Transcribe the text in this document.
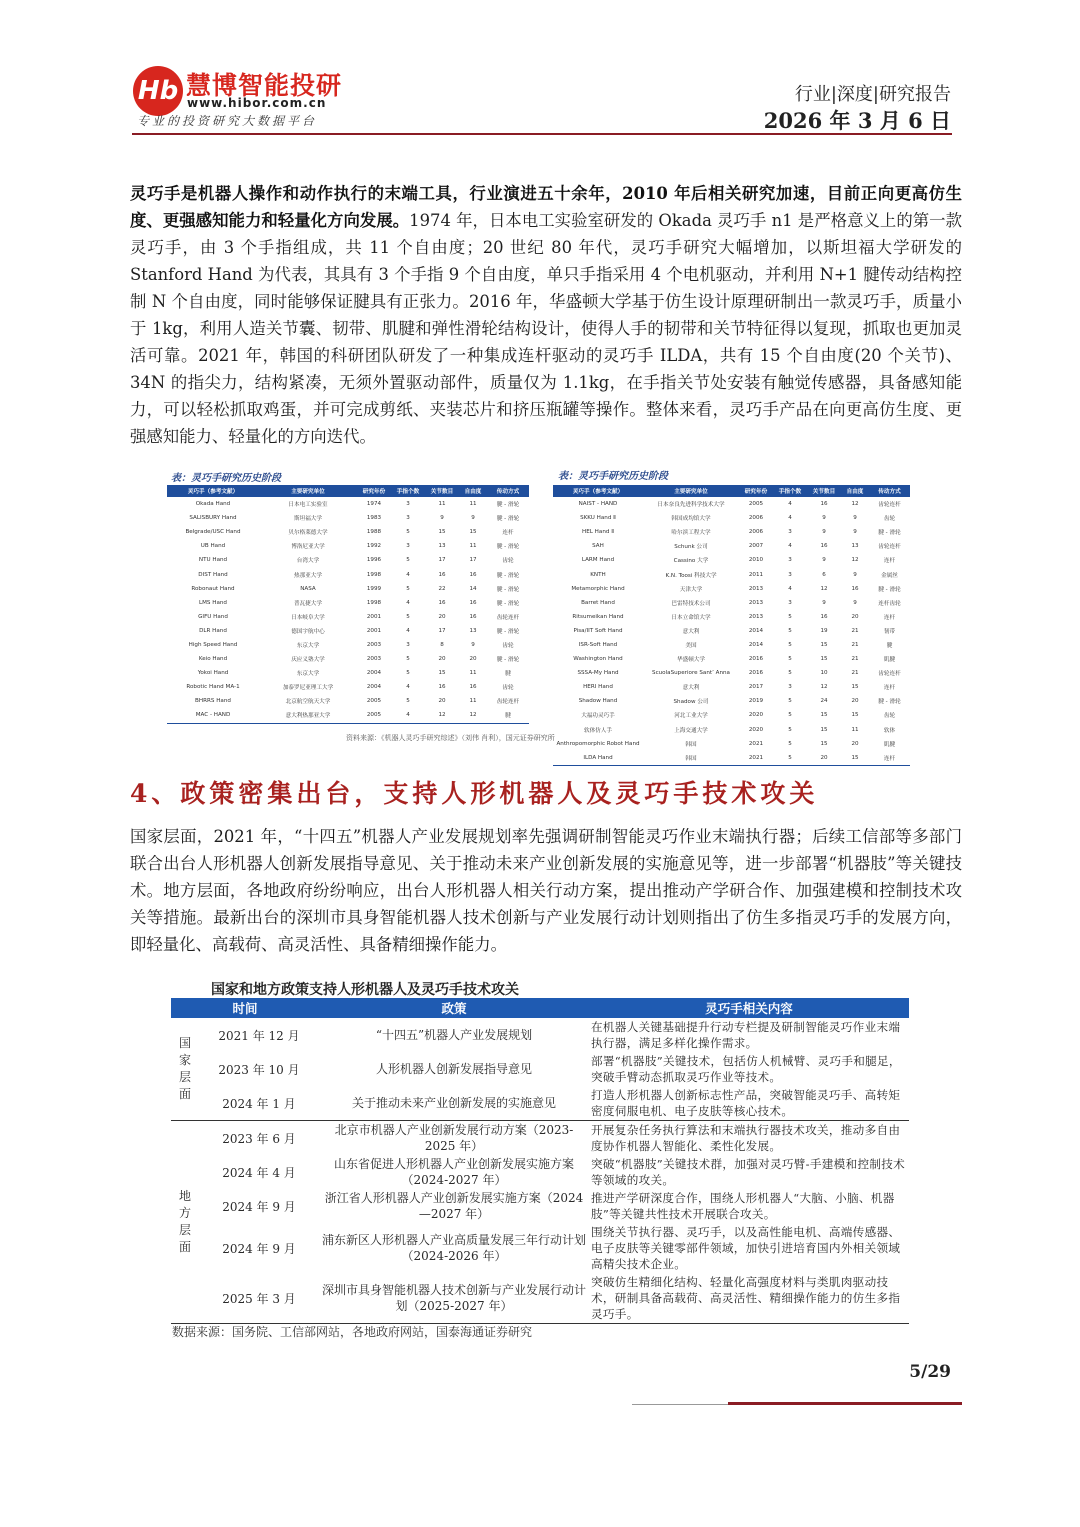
Hb 慧博智能投研
www.hibor.com.cn
专业的投资研究大数据平台
行业|深度|研究报告
2026 年 3 月 6 日
灵巧手是机器人操作和动作执行的末端工具，行业演进五十余年，2010 年后相关研究加速，目前正向更高仿生度、更强感知能力和轻量化方向发展。1974 年，日本电工实验室研发的 Okada 灵巧手 n1 是严格意义上的第一款灵巧手，由 3 个手指组成，共 11 个自由度；20 世纪 80 年代，灵巧手研究大幅增加，以斯坦福大学研发的 Stanford Hand 为代表，其具有 3 个手指 9 个自由度，单只手指采用 4 个电机驱动，并利用 N+1 腱传动结构控制 N 个自由度，同时能够保证腱具有正张力。2016 年，华盛顿大学基于仿生设计原理研制出一款灵巧手，质量小于 1kg，利用人造关节囊、韧带、肌腱和弹性滑轮结构设计，使得人手的韧带和关节特征得以复现，抓取也更加灵活可靠。2021 年，韩国的科研团队研发了一种集成连杆驱动的灵巧手 ILDA，共有 15 个自由度(20 个关节)、34N 的指尖力，结构紧凑，无须外置驱动部件，质量仅为 1.1kg，在手指关节处安装有触觉传感器，具备感知能力，可以轻松抓取鸡蛋，并可完成剪纸、夹装芯片和挤压瓶罐等操作。整体来看，灵巧手产品在向更高仿生度、更强感知能力、轻量化的方向迭代。
表：灵巧手研究历史阶段
灵巧手（参考文献）	主要研究单位	研究年份	手指个数	关节数目	自由度	传动方式
Okada Hand	日本电工实验室	1974	3	11	11	腱 - 滑轮
SALISBURY Hand	斯坦福大学	1983	3	9	9	腱 - 滑轮
Belgrade/USC Hand	贝尔格莱德大学	1988	5	15	15	连杆
UB Hand	博洛尼亚大学	1992	3	13	11	腱 - 滑轮
NTU Hand	台湾大学	1996	5	17	17	齿轮
DIST Hand	热那亚大学	1998	4	16	16	腱 - 滑轮
Robonaut Hand	NASA	1999	5	22	14	腱 - 滑轮
LMS Hand	普瓦捷大学	1998	4	16	16	腱 - 滑轮
GIFU Hand	日本岐阜大学	2001	5	20	16	齿轮连杆
DLR Hand	德国宇航中心	2001	4	17	13	腱 - 滑轮
High Speed Hand	东京大学	2003	3	8	9	齿轮
Keio Hand	庆应义塾大学	2003	5	20	20	腱 - 滑轮
Yokoi Hand	东京大学	2004	5	15	11	腱
Robotic Hand MA-1	加泰罗尼亚理工大学	2004	4	16	16	齿轮
BHRRS Hand	北京航空航天大学	2005	5	20	11	齿轮连杆
MAC - HAND	意大利热那亚大学	2005	4	12	12	腱
表：灵巧手研究历史阶段
灵巧手（参考文献）	主要研究单位	研究年份	手指个数	关节数目	自由度	传动方式
NAIST - HAND	日本奈良先进科学技术大学	2005	4	16	12	齿轮连杆
SKKU Hand Ⅱ	韩国成均馆大学	2006	4	9	9	齿轮
HEL Hand Ⅱ	哈尔滨工程大学	2006	3	9	9	腱 - 滑轮
SAH	Schunk 公司	2007	4	16	13	齿轮连杆
LARM Hand	Cassino 大学	2010	3	9	12	连杆
KNTH	K.N. Toosi 科技大学	2011	3	6	9	金属丝
Metamorphic Hand	天津大学	2013	4	12	16	腱 - 滑轮
Barret Hand	巴雷特技术公司	2013	3	9	9	连杆齿轮
Ritsumeikan Hand	日本立命馆大学	2013	5	16	20	连杆
Pisa/IIT Soft Hand	意大利	2014	5	19	21	韧带
ISR-Soft Hand	美国	2014	5	15	21	腱
Washington Hand	华盛顿大学	2016	5	15	21	肌腱
SSSA-My Hand	ScuolaSuperiore Sant’ Anna	2016	5	10	21	齿轮连杆
HERI Hand	意大利	2017	3	12	15	连杆
Shadow Hand	Shadow 公司	2019	5	24	20	腱 - 滑轮
大福功灵巧手	河北工业大学	2020	5	15	15	齿轮
软体仿人手	上海交通大学	2020	5	15	11	软体
Anthropomorphic Robot Hand	韩国	2021	5	15	20	肌腱
ILDA Hand	韩国	2021	5	20	15	连杆
资料来源：《机器人灵巧手研究综述》（刘伟 肖利），国元证券研究所
4、政策密集出台，支持人形机器人及灵巧手技术攻关
国家层面，2021 年，“十四五”机器人产业发展规划率先强调研制智能灵巧作业末端执行器；后续工信部等多部门联合出台人形机器人创新发展指导意见、关于推动未来产业创新发展的实施意见等，进一步部署“机器肢”等关键技术。地方层面，各地政府纷纷响应，出台人形机器人相关行动方案，提出推动产学研合作、加强建模和控制技术攻关等措施。最新出台的深圳市具身智能机器人技术创新与产业发展行动计划则指出了仿生多指灵巧手的发展方向，即轻量化、高载荷、高灵活性、具备精细操作能力。
国家和地方政策支持人形机器人及灵巧手技术攻关
时间		政策	灵巧手相关内容
国家层面	2021 年 12 月	“十四五”机器人产业发展规划	在机器人关键基础提升行动专栏提及研制智能灵巧作业末端执行器，满足多样化操作需求。
	2023 年 10 月	人形机器人创新发展指导意见	部署“机器肢”关键技术，包括仿人机械臂、灵巧手和腿足，突破手臂动态抓取灵巧作业等技术。
	2024 年 1 月	关于推动未来产业创新发展的实施意见	打造人形机器人创新标志性产品，突破智能灵巧手、高转矩密度伺服电机、电子皮肤等核心技术。
地方层面	2023 年 6 月	北京市机器人产业创新发展行动方案（2023-2025 年）	开展复杂任务执行算法和末端执行器技术攻关，推动多自由度协作机器人智能化、柔性化发展。
	2024 年 4 月	山东省促进人形机器人产业创新发展实施方案（2024-2027 年）	突破“机器肢”关键技术群，加强对灵巧臂-手建模和控制技术等领域的攻关。
	2024 年 9 月	浙江省人形机器人产业创新发展实施方案（2024—2027 年）	推进产学研深度合作，围绕人形机器人“大脑、小脑、机器肢”等关键共性技术开展联合攻关。
	2024 年 9 月	浦东新区人形机器人产业高质量发展三年行动计划（2024-2026 年）	围绕关节执行器、灵巧手，以及高性能电机、高端传感器、电子皮肤等关键零部件领域，加快引进培育国内外相关领域高精尖技术企业。
	2025 年 3 月	深圳市具身智能机器人技术创新与产业发展行动计划（2025-2027 年）	突破仿生精细化结构、轻量化高强度材料与类肌肉驱动技术，研制具备高载荷、高灵活性、精细操作能力的仿生多指灵巧手。
数据来源：国务院、工信部网站，各地政府网站，国泰海通证券研究
5/29
